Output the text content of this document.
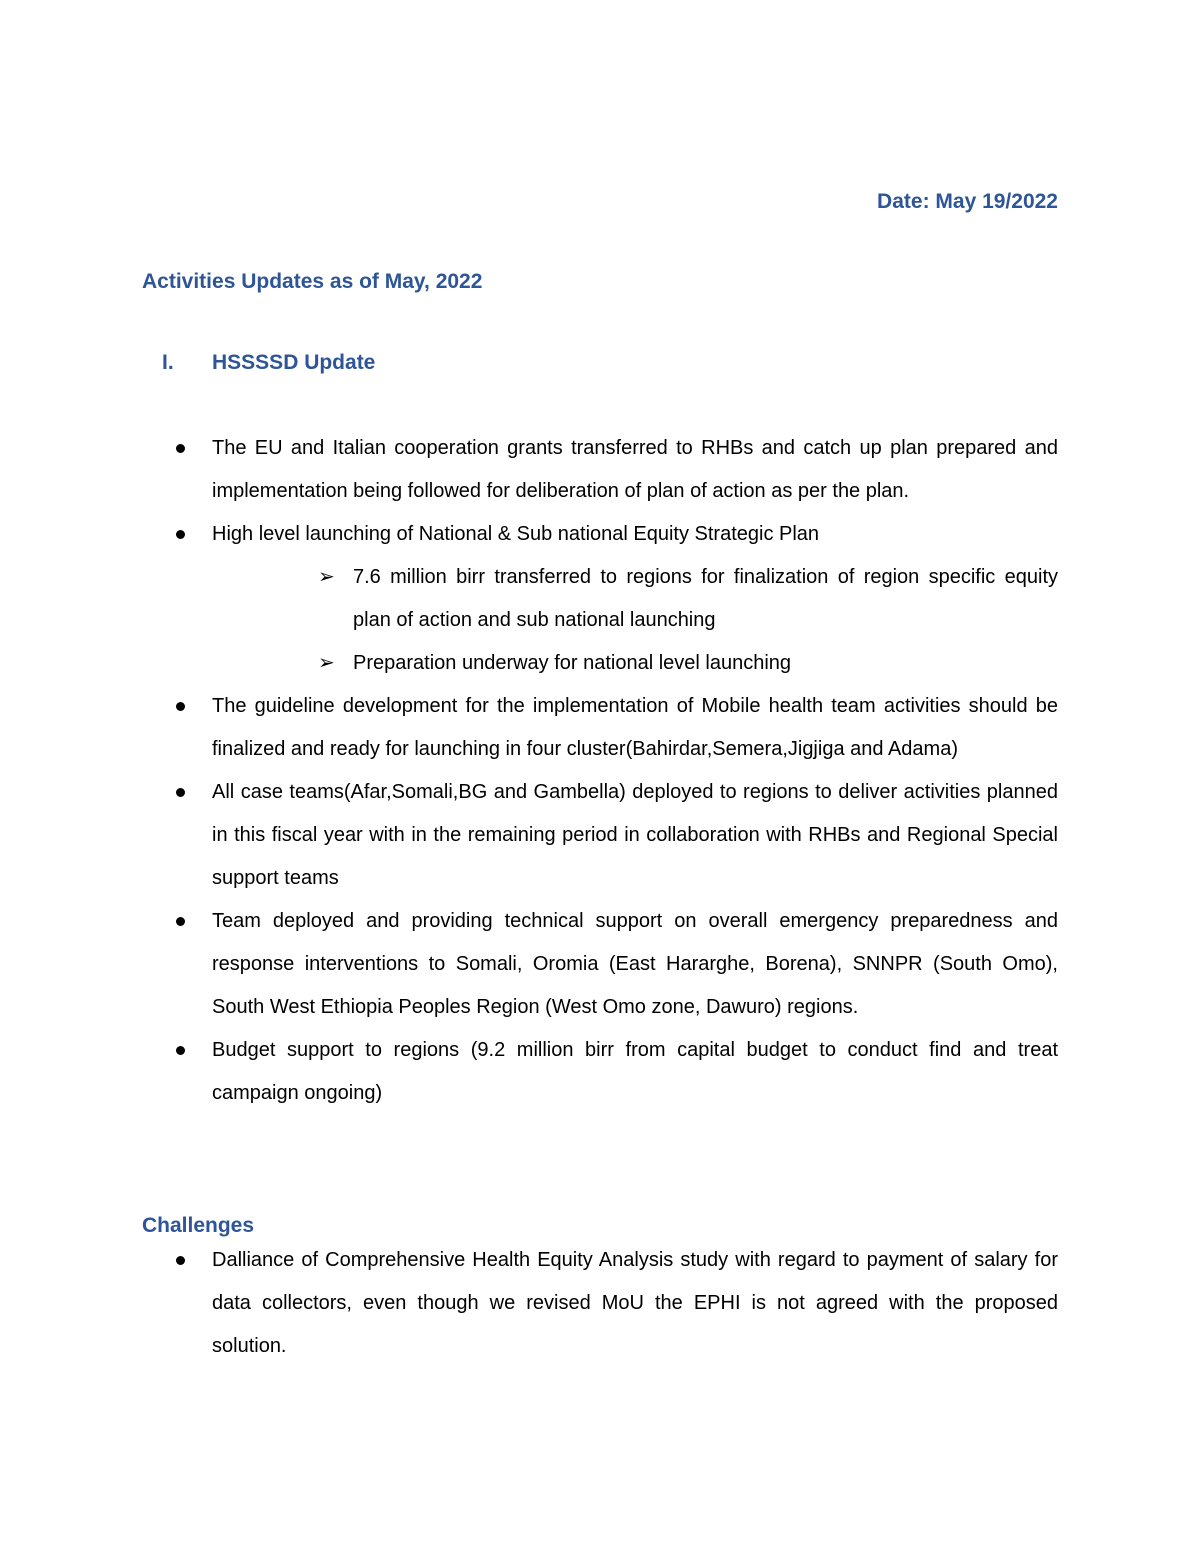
Date: May 19/2022
Activities Updates as of May, 2022
I. HSSSSD Update
The EU and Italian cooperation grants transferred to RHBs and catch up plan prepared and implementation being followed for deliberation of plan of action as per the plan.
High level launching of National & Sub national Equity Strategic Plan
➢ 7.6 million birr transferred to regions for finalization of region specific equity plan of action and sub national launching
➢ Preparation underway for national level launching
The guideline development for the implementation of Mobile health team activities should be finalized and ready for launching in four cluster(Bahirdar,Semera,Jigjiga and Adama)
All case teams(Afar,Somali,BG and Gambella) deployed to regions to deliver activities planned in this fiscal year with in the remaining period in collaboration with RHBs and Regional Special support teams
Team deployed and providing technical support on overall emergency preparedness and response interventions to Somali, Oromia (East Hararghe, Borena), SNNPR (South Omo), South West Ethiopia Peoples Region (West Omo zone, Dawuro) regions.
Budget support to regions (9.2 million birr from capital budget to conduct find and treat campaign ongoing)
Challenges
Dalliance of Comprehensive Health Equity Analysis study with regard to payment of salary for data collectors, even though we revised MoU the EPHI is not agreed with the proposed solution.
